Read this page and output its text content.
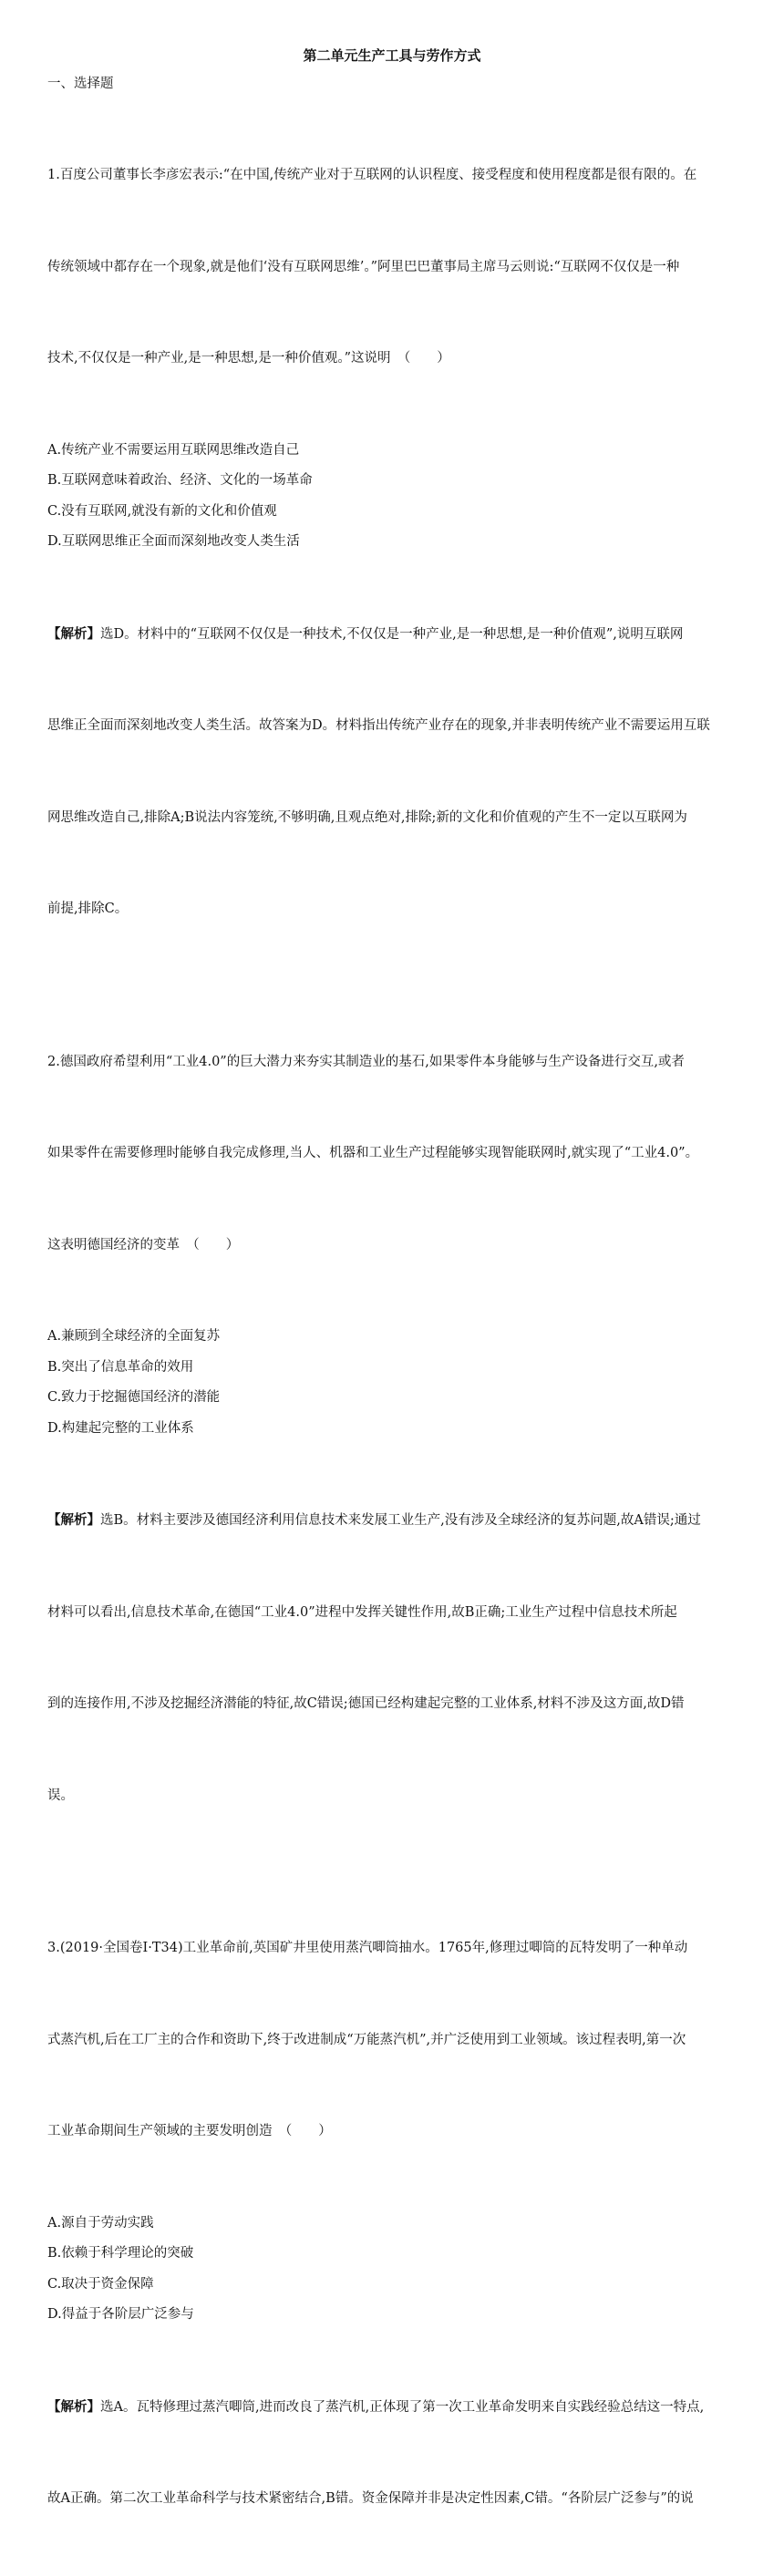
第二单元生产工具与劳作方式
一、选择题

1.百度公司董事长李彦宏表示:“在中国,传统产业对于互联网的认识程度、接受程度和使用程度都是很有限的。在

传统领域中都存在一个现象,就是他们‘没有互联网思维’。”阿里巴巴董事局主席马云则说:“互联网不仅仅是一种

技术,不仅仅是一种产业,是一种思想,是一种价值观。”这说明　（　　）

A.传统产业不需要运用互联网思维改造自己
B.互联网意味着政治、经济、文化的一场革命
C.没有互联网,就没有新的文化和价值观
D.互联网思维正全面而深刻地改变人类生活

【解析】选D。材料中的“互联网不仅仅是一种技术,不仅仅是一种产业,是一种思想,是一种价值观”,说明互联网

思维正全面而深刻地改变人类生活。故答案为D。材料指出传统产业存在的现象,并非表明传统产业不需要运用互联

网思维改造自己,排除A;B说法内容笼统,不够明确,且观点绝对,排除;新的文化和价值观的产生不一定以互联网为

前提,排除C。

2.德国政府希望利用“工业4.0”的巨大潜力来夯实其制造业的基石,如果零件本身能够与生产设备进行交互,或者

如果零件在需要修理时能够自我完成修理,当人、机器和工业生产过程能够实现智能联网时,就实现了“工业4.0”。

这表明德国经济的变革　（　　）

A.兼顾到全球经济的全面复苏
B.突出了信息革命的效用
C.致力于挖掘德国经济的潜能
D.构建起完整的工业体系

【解析】选B。材料主要涉及德国经济利用信息技术来发展工业生产,没有涉及全球经济的复苏问题,故A错误;通过

材料可以看出,信息技术革命,在德国“工业4.0”进程中发挥关键性作用,故B正确;工业生产过程中信息技术所起

到的连接作用,不涉及挖掘经济潜能的特征,故C错误;德国已经构建起完整的工业体系,材料不涉及这方面,故D错

误。

3.(2019·全国卷Ⅰ·T34)工业革命前,英国矿井里使用蒸汽唧筒抽水。1765年,修理过唧筒的瓦特发明了一种单动

式蒸汽机,后在工厂主的合作和资助下,终于改进制成“万能蒸汽机”,并广泛使用到工业领域。该过程表明,第一次

工业革命期间生产领域的主要发明创造　（　　）

A.源自于劳动实践
B.依赖于科学理论的突破
C.取决于资金保障
D.得益于各阶层广泛参与

【解析】选A。瓦特修理过蒸汽唧筒,进而改良了蒸汽机,正体现了第一次工业革命发明来自实践经验总结这一特点,

故A正确。第二次工业革命科学与技术紧密结合,B错。资金保障并非是决定性因素,C错。“各阶层广泛参与”的说
